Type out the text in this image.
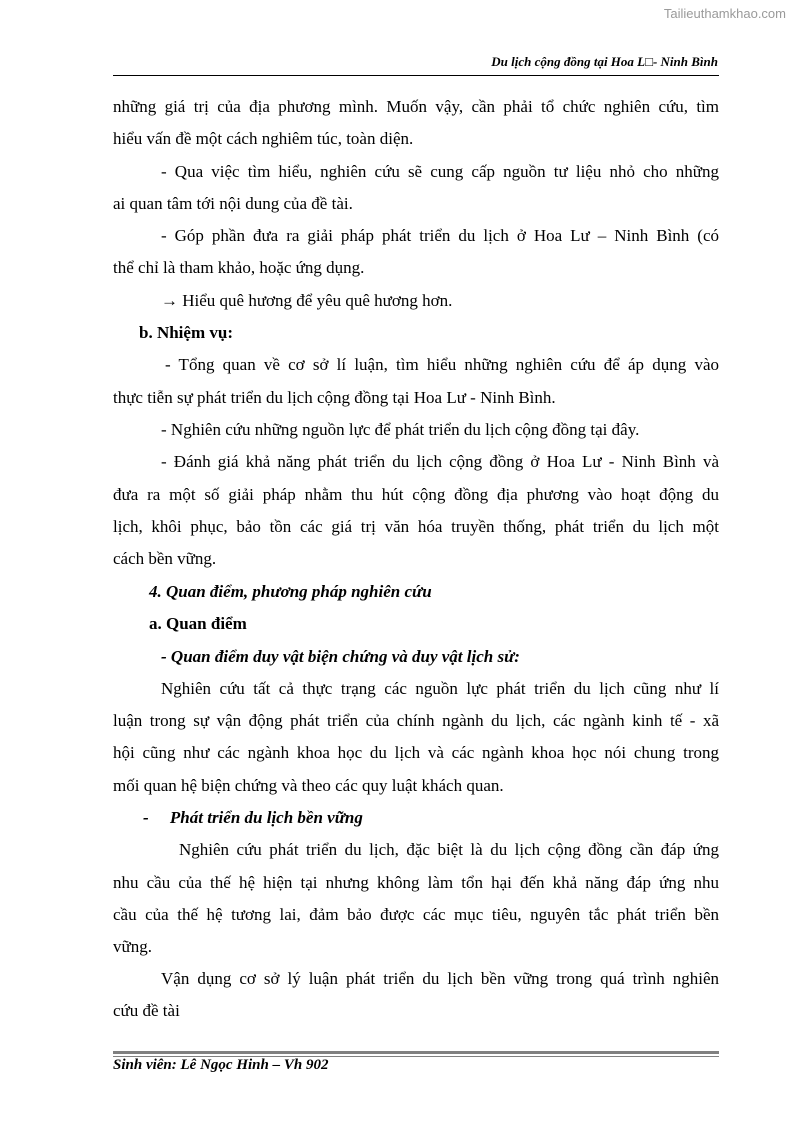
Tailieuthamkhao.com
Du lịch cộng đồng tại Hoa L□- Ninh Bình
những giá trị của địa phương mình. Muốn vậy, cần phải tổ chức nghiên cứu, tìm
hiểu vấn đề một cách nghiêm túc, toàn diện.
- Qua việc tìm hiểu, nghiên cứu sẽ cung cấp nguồn tư liệu nhỏ cho những
ai quan tâm tới nội dung của đề tài.
- Góp phần đưa ra giải pháp phát triển du lịch ở Hoa Lư – Ninh Bình (có
thể chỉ là tham khảo, hoặc ứng dụng.
→ Hiểu quê hương để yêu quê hương hơn.
b. Nhiệm vụ:
- Tổng quan về cơ sở lí luận, tìm hiểu những nghiên cứu để áp dụng vào
thực tiễn sự phát triển du lịch cộng đồng tại Hoa Lư - Ninh Bình.
- Nghiên cứu những nguồn lực để phát triển du lịch cộng đồng tại đây.
- Đánh giá khả năng phát triển du lịch cộng đồng ở Hoa Lư - Ninh Bình và
đưa ra một số giải pháp nhằm thu hút cộng đồng địa phương vào hoạt động du
lịch, khôi phục, bảo tồn các giá trị văn hóa truyền thống, phát triển du lịch một
cách bền vững.
4. Quan điểm, phương pháp nghiên cứu
a. Quan điểm
- Quan điểm duy vật biện chứng và duy vật lịch sử:
Nghiên cứu tất cả thực trạng các nguồn lực phát triển du lịch cũng như lí
luận trong sự vận động phát triển của chính ngành du lịch, các ngành kinh tế - xã
hội cũng như các ngành khoa học du lịch và các ngành khoa học nói chung trong
mối quan hệ biện chứng và theo các quy luật khách quan.
-     Phát triển du lịch bền vững
Nghiên cứu phát triển du lịch, đặc biệt là du lịch cộng đồng cần đáp ứng
nhu cầu của thế hệ hiện tại nhưng không làm tổn hại đến khả năng đáp ứng nhu
cầu của thế hệ tương lai, đảm bảo được các mục tiêu, nguyên tắc phát triển bền
vững.
Vận dụng cơ sở lý luận phát triển du lịch bền vững trong quá trình nghiên
cứu đề tài
Sinh viên: Lê Ngọc Hinh – Vh 902
